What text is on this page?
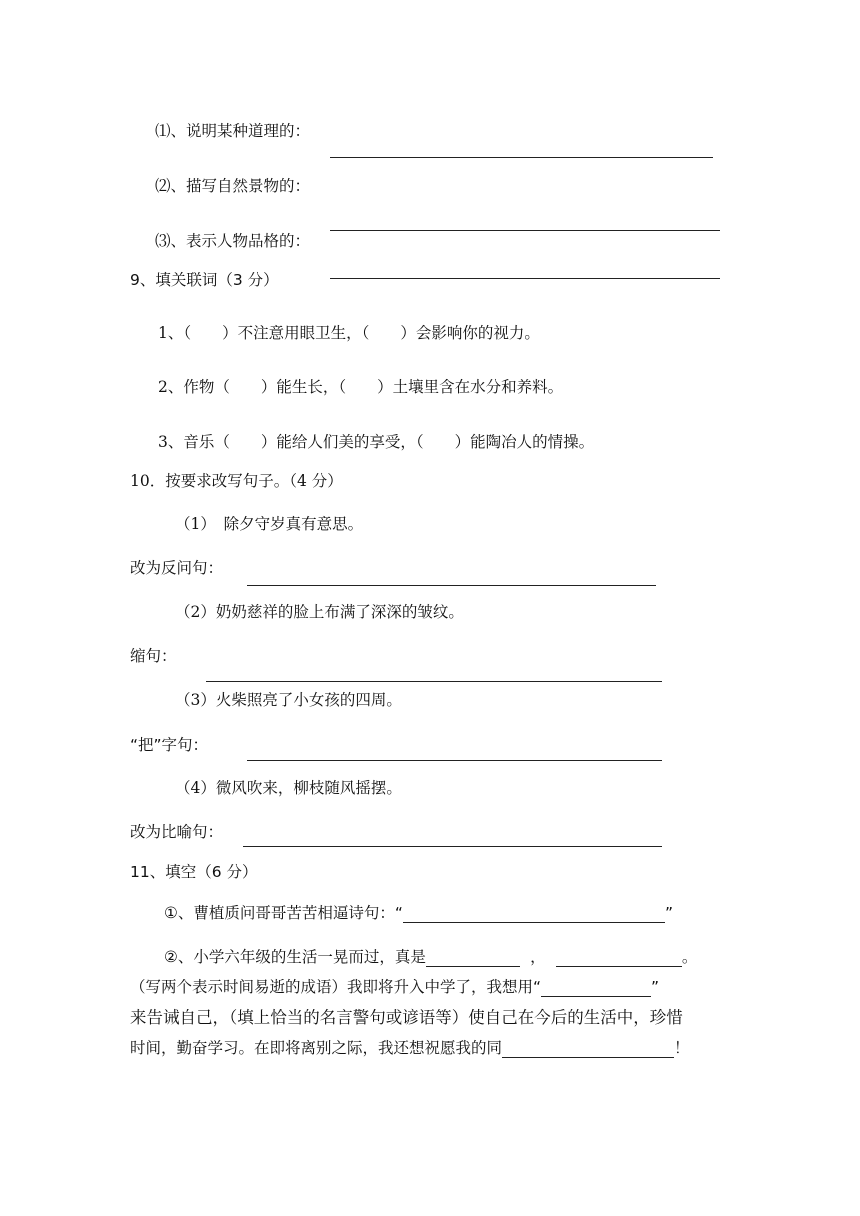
⑴、说明某种道理的：
⑵、描写自然景物的：
⑶、表示人物品格的：
9、填关联词（3 分）
1、（　　）不注意用眼卫生，（　　）会影响你的视力。
2、作物（　　）能生长，（　　）土壤里含在水分和养料。
3、音乐（　　）能给人们美的享受，（　　）能陶冶人的情操。
10．按要求改写句子。（4 分）
（1）　除夕守岁真有意思。
改为反问句：
（2）奶奶慈祥的脸上布满了深深的皱纹。
缩句：
（3）火柴照亮了小女孩的四周。
“把”字句：
（4）微风吹来，柳枝随风摇摆。
改为比喻句：
11、填空（6 分）
①、曹植质问哥哥苦苦相逼诗句：“	”
②、小学六年级的生活一晃而过，真是	，	。
（写两个表示时间易逝的成语）我即将升入中学了，我想用“	”
来告诫自己，（填上恰当的名言警句或谚语等）使自己在今后的生活中，珍惜
时间，勤奋学习。在即将离别之际，我还想祝愿我的同	！
